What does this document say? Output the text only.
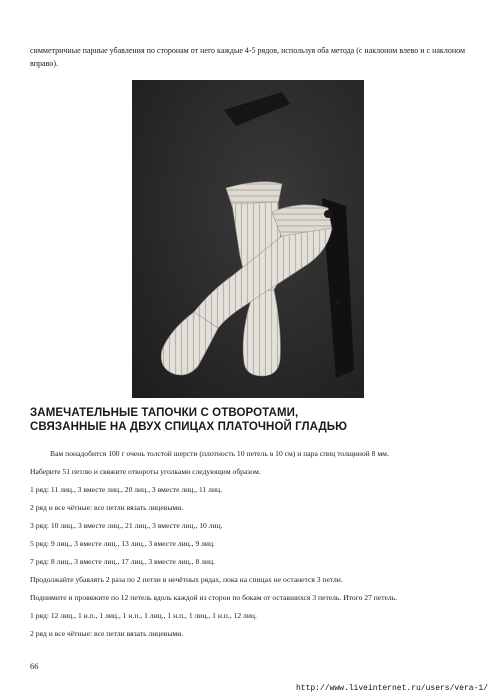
симметричные парные убавления по сторонам от него каждые 4-5 рядов, используя оба метода (с наклоном влево и с наклоном вправо).

ЗАМЕЧАТЕЛЬНЫЕ ТАПОЧКИ С ОТВОРОТАМИ,
СВЯЗАННЫЕ НА ДВУХ СПИЦАХ ПЛАТОЧНОЙ ГЛАДЬЮ

Вам понадобится 100 г очень толстой шерсти (плотность 10 петель в 10 см) и пара спиц толщиной 8 мм.

Наберите 51 петлю и свяжите отвороты уголками следующим образом.

1 ряд: 11 лиц., 3 вместе лиц., 20 лиц., 3 вместе лиц., 11 лиц.

2 ряд и все чётные: все петли вязать лицевыми.

3 ряд: 10 лиц., 3 вместе лиц., 21 лиц., 3 вместе лиц., 10 лиц.

5 ряд: 9 лиц., 3 вместе лиц., 13 лиц., 3 вместе лиц., 9 лиц.

7 ряд: 8 лиц., 3 вместе лиц., 17 лиц., 3 вместе лиц., 8 лиц.

Продолжайте убавлять 2 раза по 2 петли в нечётных рядах, пока на спицах не останется 3 петли.

Поднимите и провяжите по 12 петель вдоль каждой из сторон по бокам от оставшихся 3 петель. Итого 27 петель.

1 ряд: 12 лиц., 1 н.п., 1 лиц., 1 н.п., 1 лиц., 1 н.п., 1 лиц., 1 н.п., 12 лиц.

2 ряд и все чётные: все петли вязать лицевыми.

66

http://www.liveinternet.ru/users/vera-1/
